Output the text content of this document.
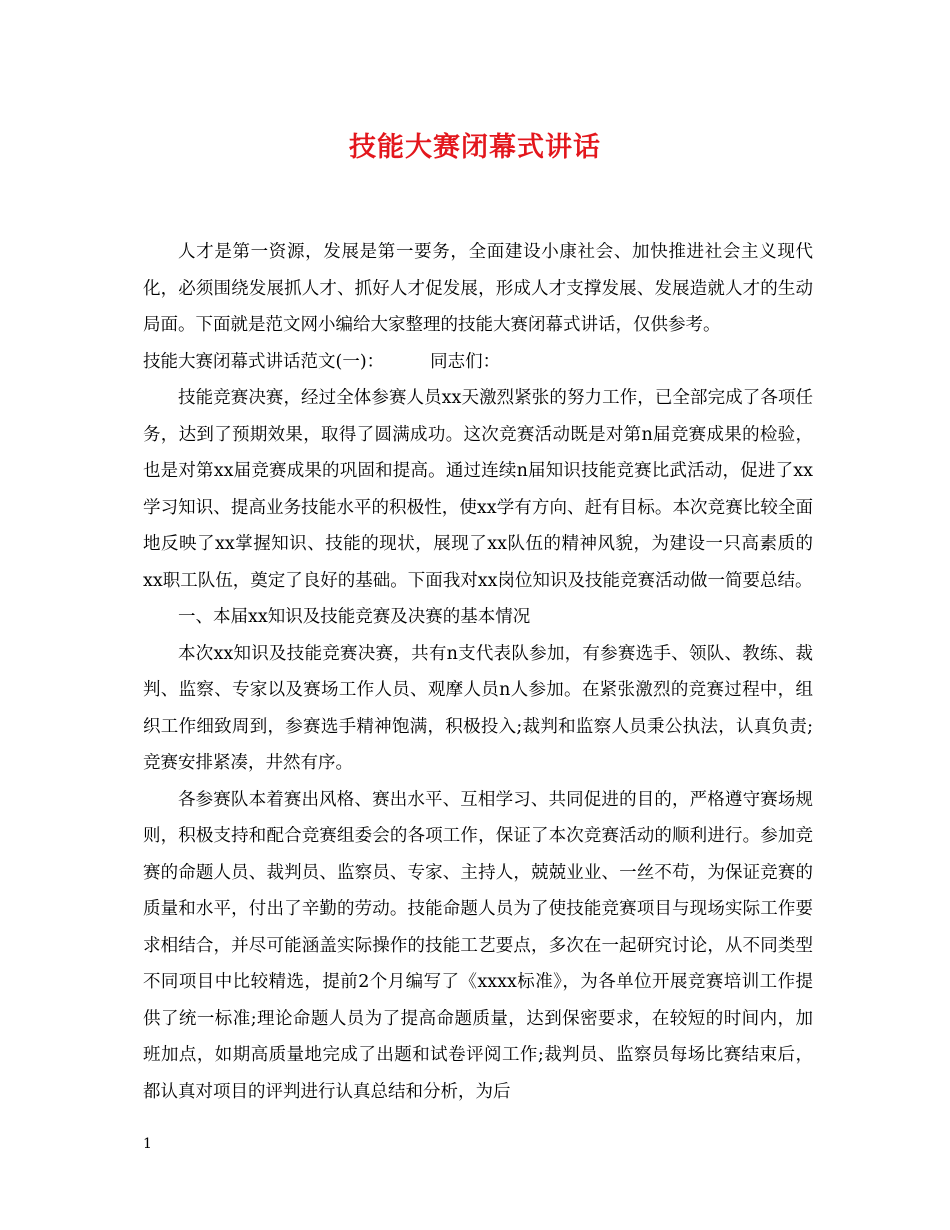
技能大赛闭幕式讲话

人才是第一资源，发展是第一要务，全面建设小康社会、加快推进社会主义现代化，必须围绕发展抓人才、抓好人才促发展，形成人才支撑发展、发展造就人才的生动局面。下面就是范文网小编给大家整理的技能大赛闭幕式讲话，仅供参考。

技能大赛闭幕式讲话范文(一)：	同志们：

技能竞赛决赛，经过全体参赛人员xx天激烈紧张的努力工作，已全部完成了各项任务，达到了预期效果，取得了圆满成功。这次竞赛活动既是对第n届竞赛成果的检验，也是对第xx届竞赛成果的巩固和提高。通过连续n届知识技能竞赛比武活动，促进了xx学习知识、提高业务技能水平的积极性，使xx学有方向、赶有目标。本次竞赛比较全面地反映了xx掌握知识、技能的现状，展现了xx队伍的精神风貌，为建设一只高素质的xx职工队伍，奠定了良好的基础。下面我对xx岗位知识及技能竞赛活动做一简要总结。

一、本届xx知识及技能竞赛及决赛的基本情况

本次xx知识及技能竞赛决赛，共有n支代表队参加，有参赛选手、领队、教练、裁判、监察、专家以及赛场工作人员、观摩人员n人参加。在紧张激烈的竞赛过程中，组织工作细致周到，参赛选手精神饱满，积极投入;裁判和监察人员秉公执法，认真负责;竞赛安排紧凑，井然有序。

各参赛队本着赛出风格、赛出水平、互相学习、共同促进的目的，严格遵守赛场规则，积极支持和配合竞赛组委会的各项工作，保证了本次竞赛活动的顺利进行。参加竞赛的命题人员、裁判员、监察员、专家、主持人，兢兢业业、一丝不苟，为保证竞赛的质量和水平，付出了辛勤的劳动。技能命题人员为了使技能竞赛项目与现场实际工作要求相结合，并尽可能涵盖实际操作的技能工艺要点，多次在一起研究讨论，从不同类型不同项目中比较精选，提前2个月编写了《xxxx标准》，为各单位开展竞赛培训工作提供了统一标准;理论命题人员为了提高命题质量，达到保密要求，在较短的时间内，加班加点，如期高质量地完成了出题和试卷评阅工作;裁判员、监察员每场比赛结束后，都认真对项目的评判进行认真总结和分析，为后

1
